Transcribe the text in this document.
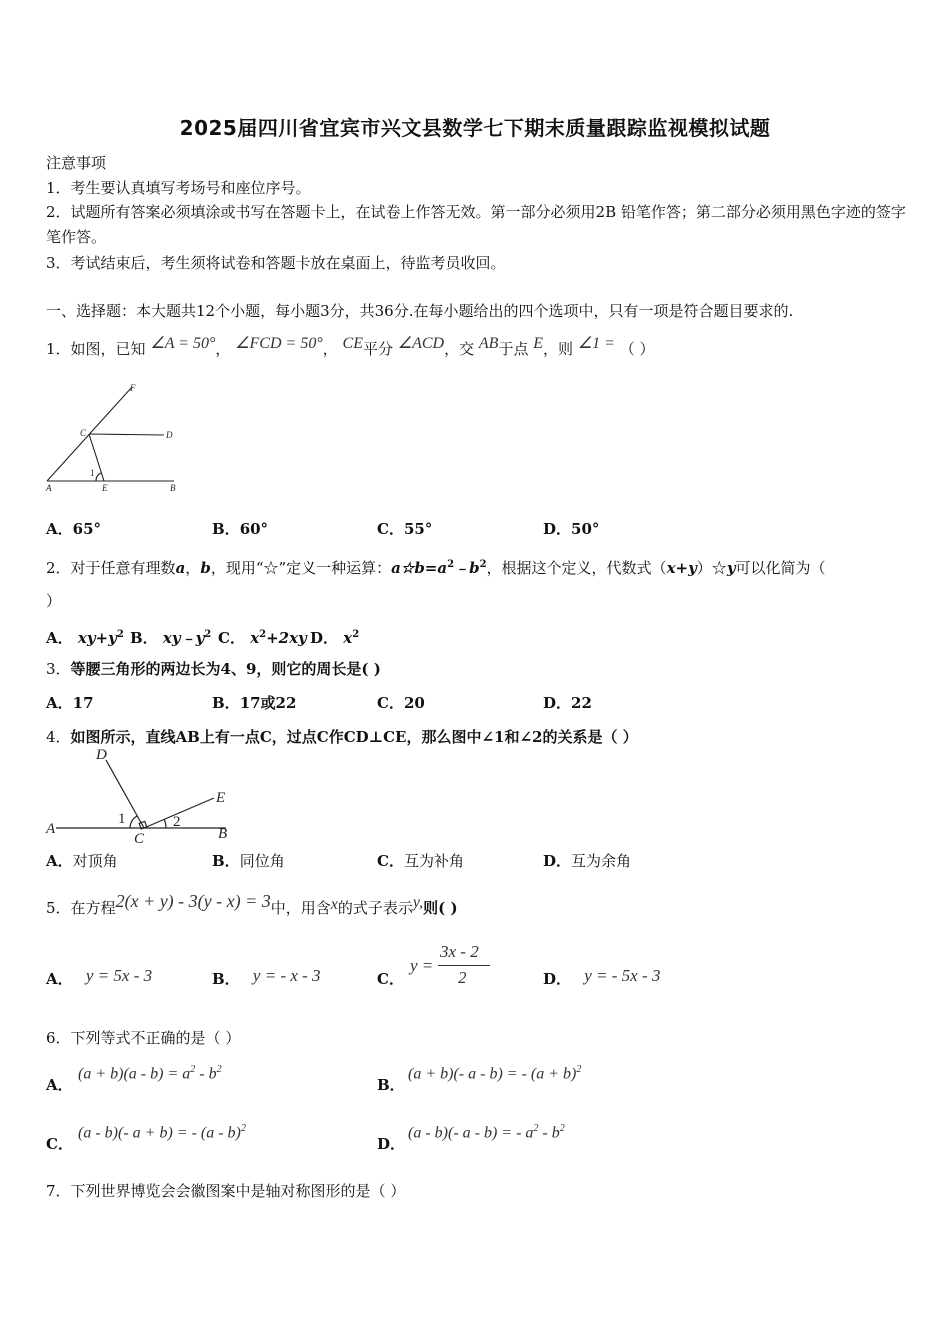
2025届四川省宜宾市兴文县数学七下期末质量跟踪监视模拟试题
注意事项
1．考生要认真填写考场号和座位序号。
2．试题所有答案必须填涂或书写在答题卡上，在试卷上作答无效。第一部分必须用2B 铅笔作答；第二部分必须用黑色字迹的签字笔作答。
3．考试结束后，考生须将试卷和答题卡放在桌面上，待监考员收回。
一、选择题：本大题共12个小题，每小题3分，共36分.在每小题给出的四个选项中，只有一项是符合题目要求的.
1．如图，已知 ∠A = 50°， ∠FCD = 50°， CE平分 ∠ACD，交 AB于点 E，则 ∠1 = （ ）
F
C	D
A	E	B
1
A．65°	B．60°	C．55°	D．50°
2．对于任意有理数a，b，现用“☆”定义一种运算：$a☆b=a^2﹣b^2$，根据这个定义，代数式（x+y）☆y可以化简为（
）
A． $xy+y^2$ B． $xy﹣y^2$ C． $x^2+2xy$ D． $x^2$
3．等腰三角形的两边长为4、9，则它的周长是( )
A．17	B．17或22	C．20	D．22
4．如图所示，直线AB上有一点C，过点C作CD⊥CE，那么图中∠1和∠2的关系是（ ）
D
E
A	B
C
1	2
A．对顶角	B．同位角	C．互为补角	D．互为余角
5．在方程2(x + y) - 3(y - x) = 3中，用含x的式子表示y,则( )
A． y = 5x - 3	B． y = - x - 3	C．
y =
3x - 2
2	D． y = - 5x - 3
6．下列等式不正确的是（ ）
A．
$(a + b)(a - b) = a^2 - b^2$
B．
(a + b)(- a - b) = - $(a + b)^2$
C．
(a - b)(- a + b) = - (a - b)$^2$
D．
(a - b)(- a - b) = - $a^2 - b^2$
7．下列世界博览会会徽图案中是轴对称图形的是（ ）
